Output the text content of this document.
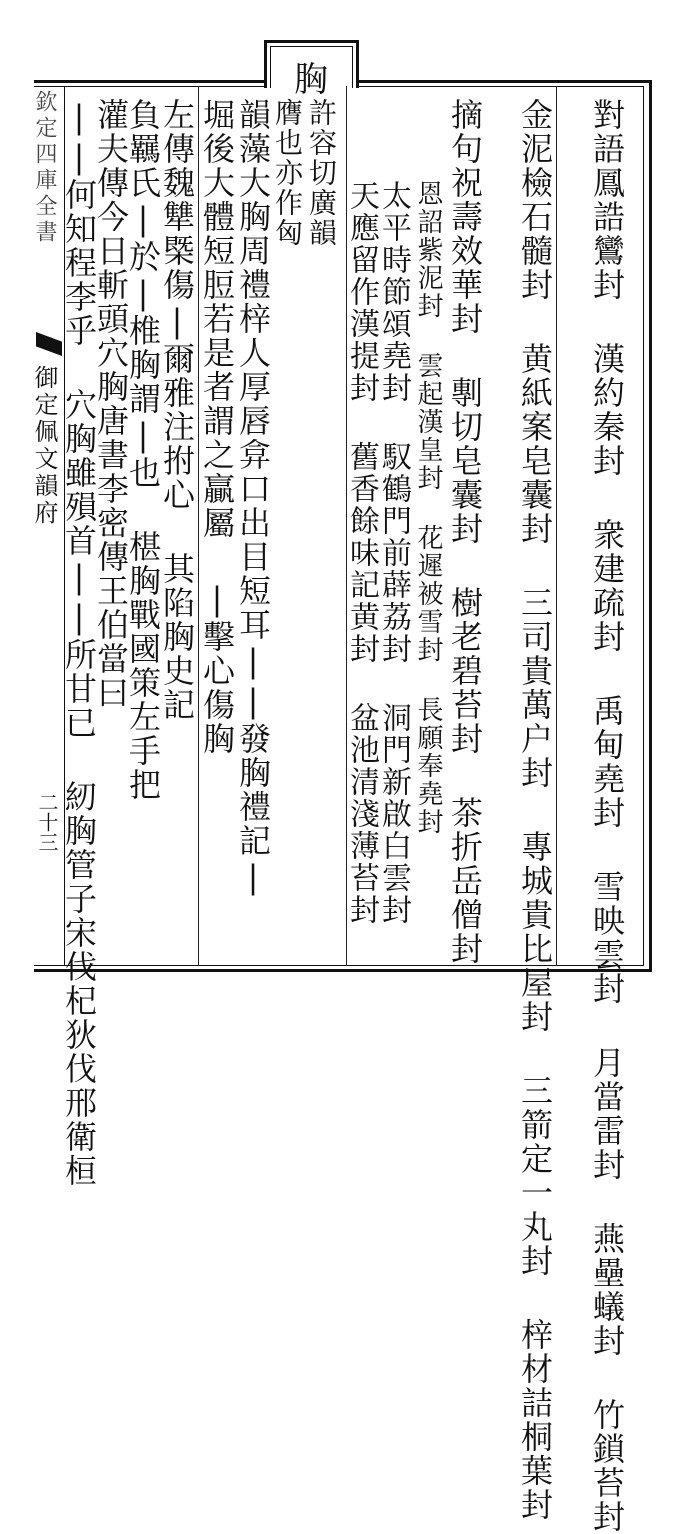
胸
欽定四庫全書
御定佩文韻府
二十三	對語鳳誥鸞封 漢約秦封 衆建疏封 禹甸堯封 雪映雲封 月當雷封 燕壘蟻封 竹鎖苔封
金泥檢石髓封 黄紙案皂囊封 三司貴萬户封 專城貴比屋封 三箭定一丸封 梓材詰桐葉封
摘句祝壽效華封 剸切皂囊封 樹老碧苔封 茶折岳僧封
恩詔紫泥封 雲起漢皇封 花遲被雪封 長願奉堯封
太平時節頌堯封 馭鶴門前薜荔封 洞門新啟白雲封
天應留作漢提封 舊香餘味記黄封 盆池清淺薄苔封
許容切廣韻
膺也亦作匈
韻藻大胸周禮梓人厚唇弇口出目短耳||發胸禮記|
堀後大體短脰若是者謂之贏屬 |擊心傷胸
左傳魏犨㮣傷|爾雅注拊心 其陷胸史記
負羈氏|於|椎胸謂|也 椹胸戰國策左手把
灌夫傳今日斬頭穴胸唐書李密傳王伯當曰
||何知程李乎 穴胸雖殞首||所甘已 紉胸管子宋伐杞狄伐邢衛桓
